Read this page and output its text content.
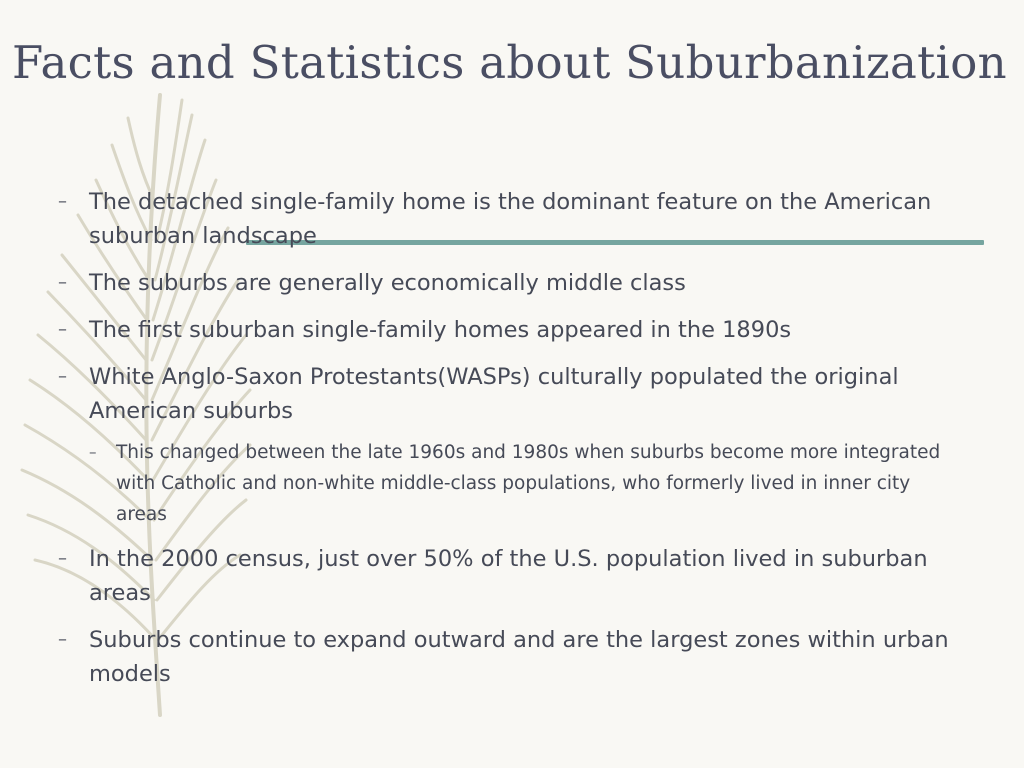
Facts and Statistics about Suburbanization
– The detached single-family home is the dominant feature on the American suburban landscape
– The suburbs are generally economically middle class
– The first suburban single-family homes appeared in the 1890s
– White Anglo-Saxon Protestants(WASPs) culturally populated the original American suburbs
– This changed between the late 1960s and 1980s when suburbs become more integrated with Catholic and non-white middle-class populations, who formerly lived in inner city areas
– In the 2000 census, just over 50% of the U.S. population lived in suburban areas
– Suburbs continue to expand outward and are the largest zones within urban models
